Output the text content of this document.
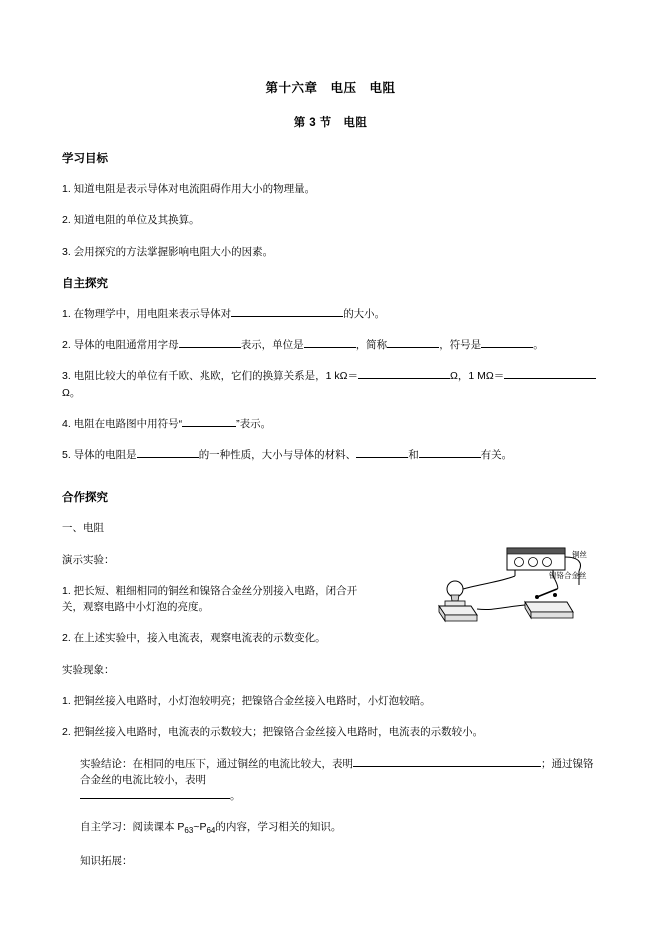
第十六章　电压　电阻
第 3 节　电阻
学习目标
1. 知道电阻是表示导体对电流阻碍作用大小的物理量。
2. 知道电阻的单位及其换算。
3. 会用探究的方法掌握影响电阻大小的因素。
自主探究
1. 在物理学中，用电阻来表示导体对	的大小。
2. 导体的电阻通常用字母	表示，单位是	，简称	，符号是	。
3. 电阻比较大的单位有千欧、兆欧，它们的换算关系是，1 kΩ＝	Ω，1 MΩ＝
Ω。
4. 电阻在电路图中用符号“	”表示。
5. 导体的电阻是	的一种性质，大小与导体的材料、	和	有关。
合作探究
一、电阻
演示实验：
1. 把长短、粗细相同的铜丝和镍铬合金丝分别接入电路，闭合开关，观察电路中小灯泡的亮度。
2. 在上述实验中，接入电流表，观察电流表的示数变化。
实验现象：
1. 把铜丝接入电路时，小灯泡较明亮；把镍铬合金丝接入电路时，小灯泡较暗。
2. 把铜丝接入电路时，电流表的示数较大；把镍铬合金丝接入电路时，电流表的示数较小。
实验结论：在相同的电压下，通过铜丝的电流比较大，表明	；通过镍铬合金丝的电流比较小，表明
。
自主学习：阅读课本 $P_{63}\sim P_{64}$的内容，学习相关的知识。
知识拓展：
铜丝
镍铬合金丝
